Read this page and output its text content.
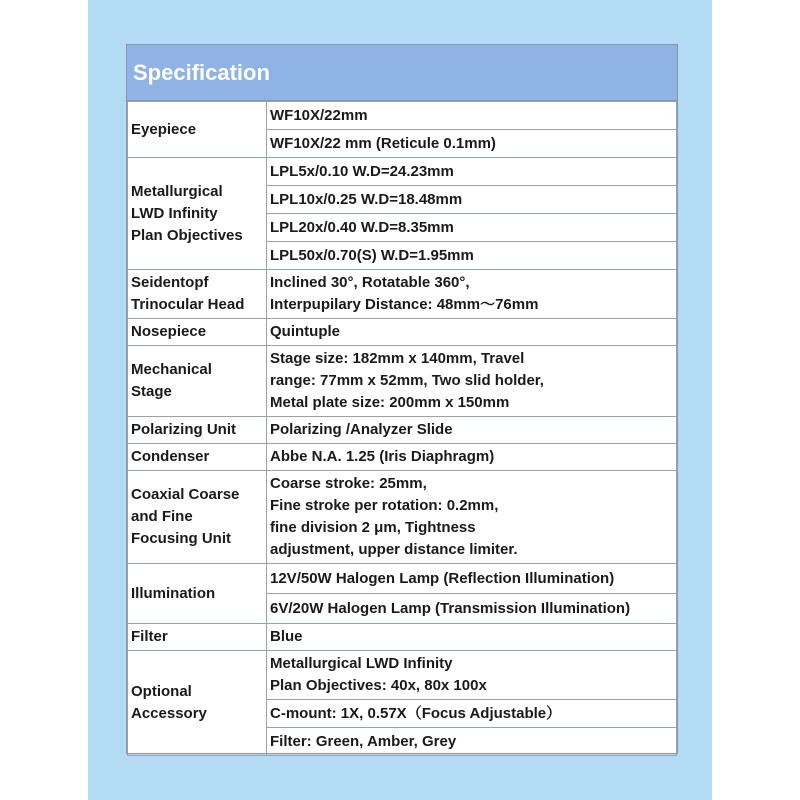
Specification
Eyepiece	WF10X/22mm
	WF10X/22 mm (Reticule 0.1mm)

Metallurgical
LWD Infinity
Plan Objectives	LPL5x/0.10 W.D=24.23mm
	LPL10x/0.25 W.D=18.48mm
	LPL20x/0.40 W.D=8.35mm
	LPL50x/0.70(S) W.D=1.95mm

Seidentopf
Trinocular Head	Inclined 30°, Rotatable 360°,
Interpupilary Distance: 48mm～76mm

Nosepiece	Quintuple

Mechanical
Stage	Stage size: 182mm x 140mm, Travel
range: 77mm x 52mm, Two slid holder,
Metal plate size: 200mm x 150mm

Polarizing Unit	Polarizing /Analyzer Slide
Condenser	Abbe N.A. 1.25 (Iris Diaphragm)

Coaxial Coarse
and Fine
Focusing Unit	Coarse stroke: 25mm,
Fine stroke per rotation: 0.2mm,
fine division 2 μm, Tightness
adjustment, upper distance limiter.

Illumination	12V/50W Halogen Lamp (Reflection Illumination)
	6V/20W Halogen Lamp (Transmission Illumination)
Filter	Blue

Optional
Accessory	Metallurgical LWD Infinity
Plan Objectives: 40x, 80x 100x

	C-mount: 1X, 0.57X（Focus Adjustable）
	Filter: Green, Amber, Grey
